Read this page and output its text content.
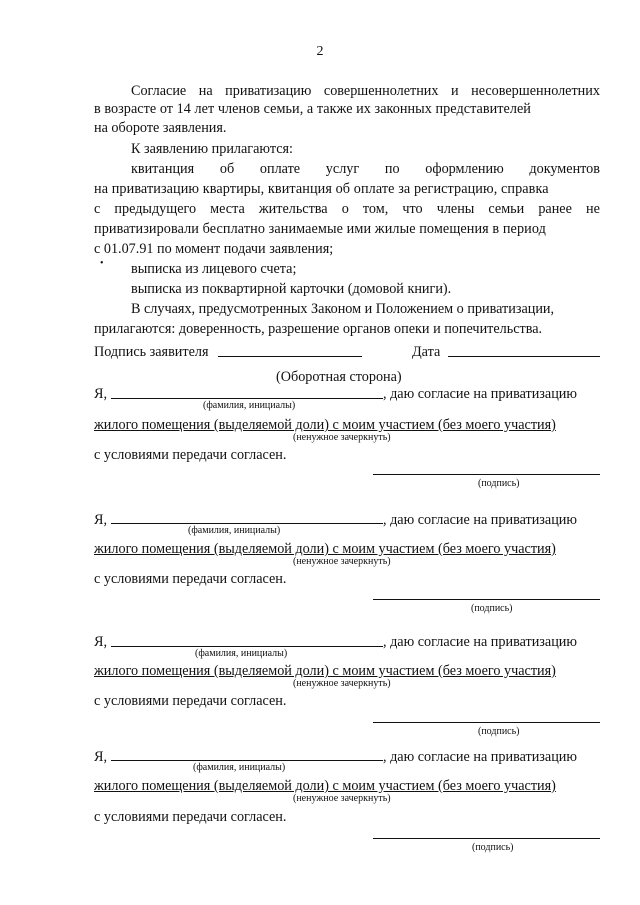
2
Согласие на приватизацию совершеннолетних и несовершеннолетних
в возрасте от 14 лет членов семьи, а также их законных представителей
на обороте заявления.
К заявлению прилагаются:
квитанция об оплате услуг по оформлению документов
на приватизацию квартиры, квитанция об оплате за регистрацию, справка
с предыдущего места жительства о том, что члены семьи ранее не
приватизировали бесплатно занимаемые ими жилые помещения в период
с 01.07.91 по момент подачи заявления;
• выписка из лицевого счета;
выписка из поквартирной карточки (домовой книги).
В случаях, предусмотренных Законом и Положением о приватизации,
прилагаются: доверенность, разрешение органов опеки и попечительства.
Подпись заявителя	Дата
(Оборотная сторона)
Я,	, даю согласие на приватизацию
(фамилия, инициалы)
жилого помещения (выделяемой доли) с моим участием (без моего участия)
(ненужное зачеркнуть)
с условиями передачи согласен.
(подпись)
Я,	, даю согласие на приватизацию
(фамилия, инициалы)
жилого помещения (выделяемой доли) с моим участием (без моего участия)
(ненужное зачеркнуть)
с условиями передачи согласен.
(подпись)
Я,	, даю согласие на приватизацию
(фамилия, инициалы)
жилого помещения (выделяемой доли) с моим участием (без моего участия)
(ненужное зачеркнуть)
с условиями передачи согласен.
(подпись)
Я,	, даю согласие на приватизацию
(фамилия, инициалы)
жилого помещения (выделяемой доли) с моим участием (без моего участия)
(ненужное зачеркнуть)
с условиями передачи согласен.
(подпись)
